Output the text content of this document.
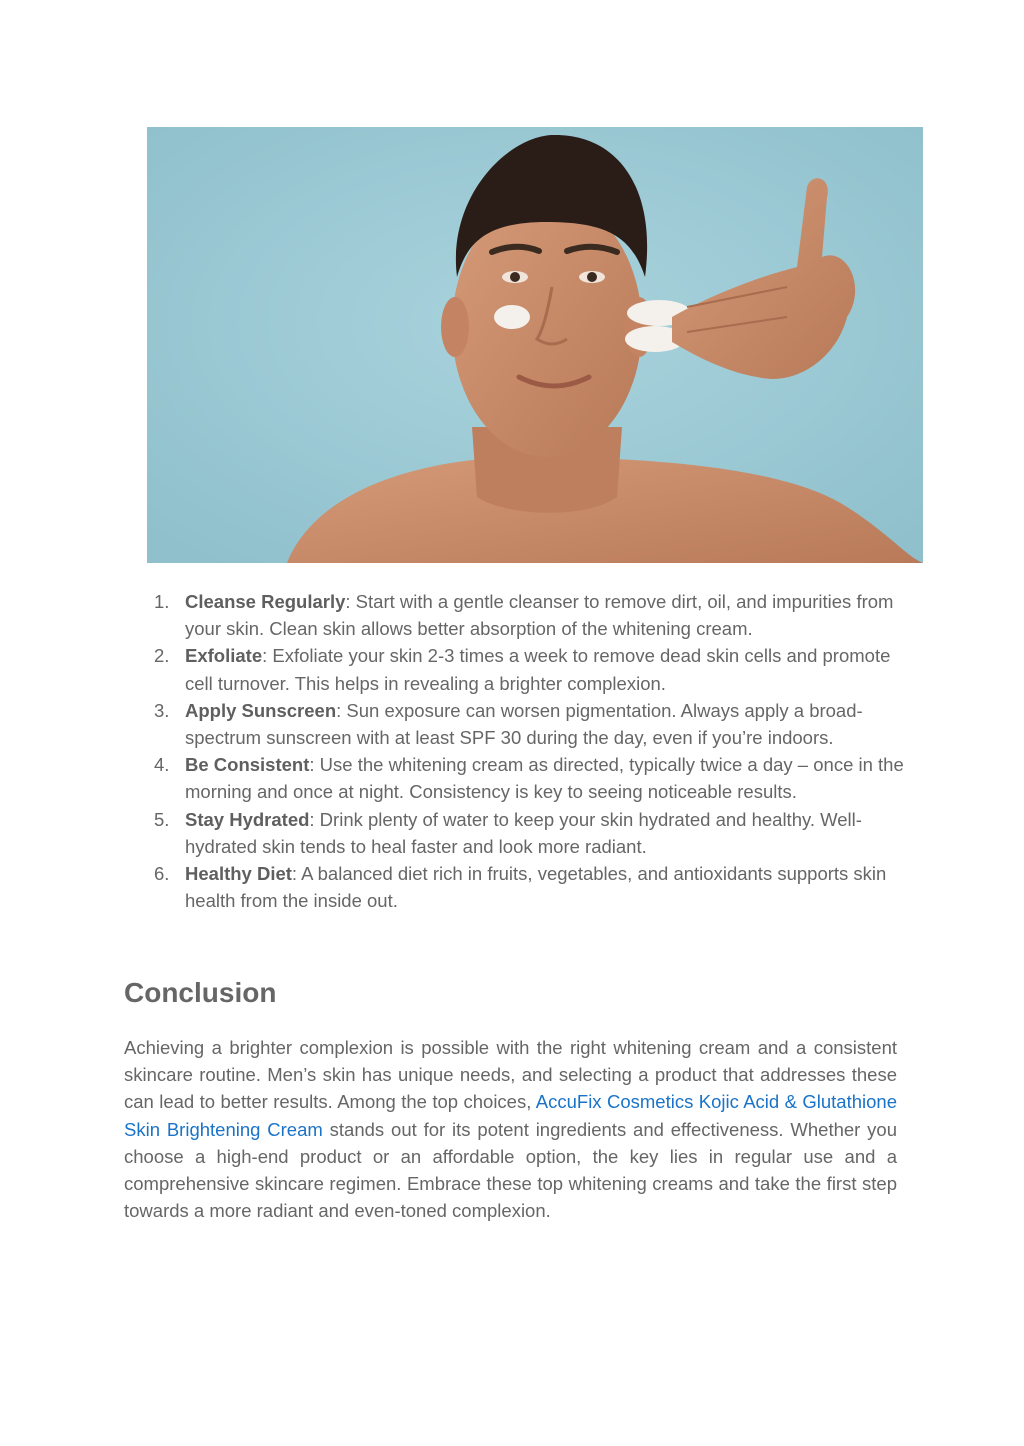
1. Cleanse Regularly: Start with a gentle cleanser to remove dirt, oil, and impurities from your skin. Clean skin allows better absorption of the whitening cream.
2. Exfoliate: Exfoliate your skin 2-3 times a week to remove dead skin cells and promote cell turnover. This helps in revealing a brighter complexion.
3. Apply Sunscreen: Sun exposure can worsen pigmentation. Always apply a broad-spectrum sunscreen with at least SPF 30 during the day, even if you’re indoors.
4. Be Consistent: Use the whitening cream as directed, typically twice a day – once in the morning and once at night. Consistency is key to seeing noticeable results.
5. Stay Hydrated: Drink plenty of water to keep your skin hydrated and healthy. Well-hydrated skin tends to heal faster and look more radiant.
6. Healthy Diet: A balanced diet rich in fruits, vegetables, and antioxidants supports skin health from the inside out.
Conclusion

Achieving a brighter complexion is possible with the right whitening cream and a consistent skincare routine. Men’s skin has unique needs, and selecting a product that addresses these can lead to better results. Among the top choices, AccuFix Cosmetics Kojic Acid & Glutathione Skin Brightening Cream stands out for its potent ingredients and effectiveness. Whether you choose a high-end product or an affordable option, the key lies in regular use and a comprehensive skincare regimen. Embrace these top whitening creams and take the first step towards a more radiant and even-toned complexion.
